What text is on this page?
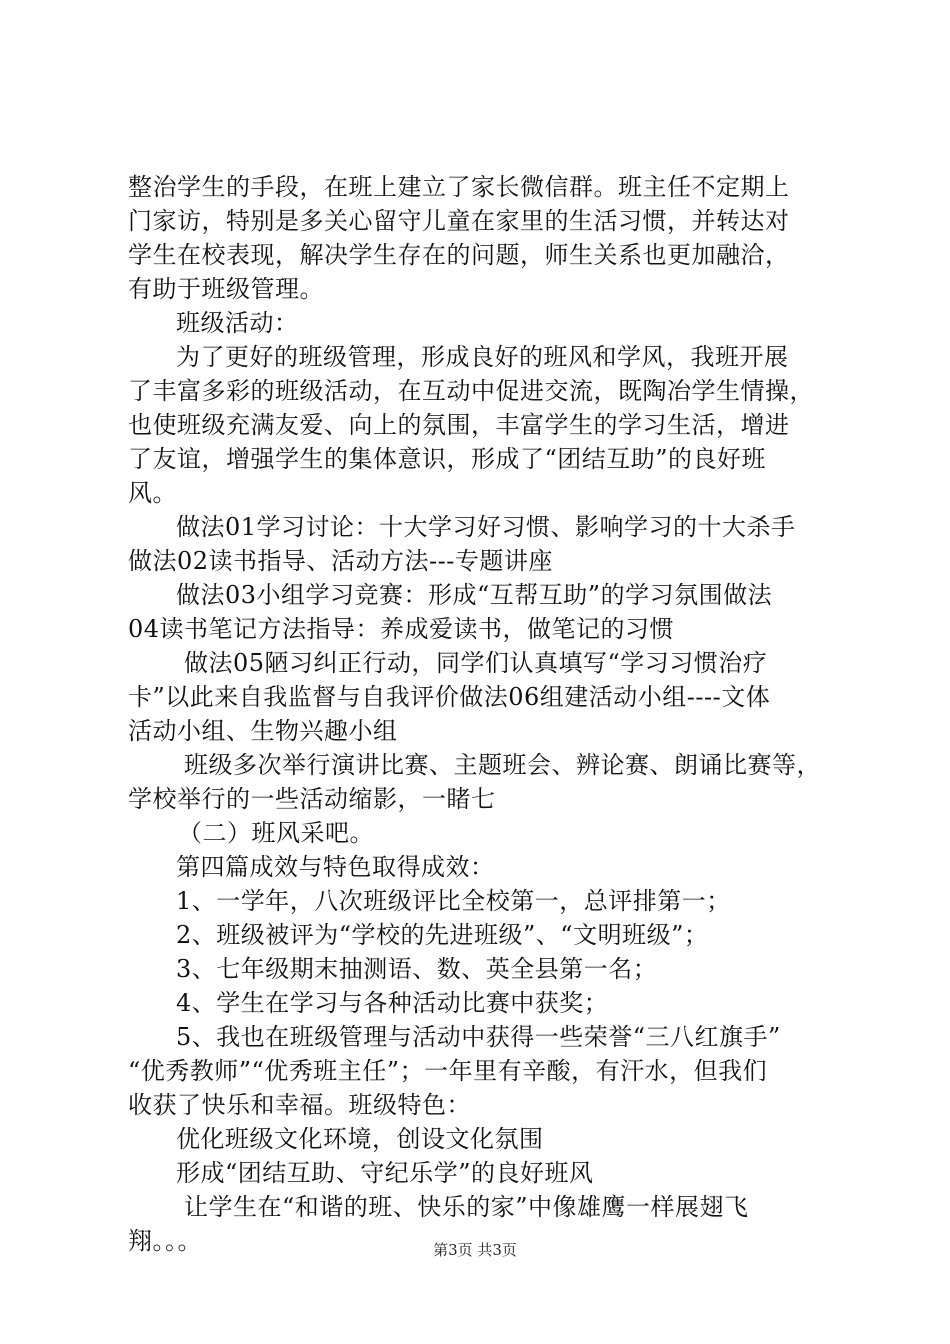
整治学生的手段，在班上建立了家长微信群。班主任不定期上
门家访，特别是多关心留守儿童在家里的生活习惯，并转达对
学生在校表现，解决学生存在的问题，师生关系也更加融洽，
有助于班级管理。
班级活动：
为了更好的班级管理，形成良好的班风和学风，我班开展
了丰富多彩的班级活动，在互动中促进交流，既陶冶学生情操，
也使班级充满友爱、向上的氛围，丰富学生的学习生活，增进
了友谊，增强学生的集体意识，形成了“团结互助”的良好班
风。
做法01学习讨论：十大学习好习惯、影响学习的十大杀手
做法02读书指导、活动方法---专题讲座
做法03小组学习竞赛：形成“互帮互助”的学习氛围做法
04读书笔记方法指导：养成爱读书，做笔记的习惯
做法05陋习纠正行动，同学们认真填写“学习习惯治疗
卡”以此来自我监督与自我评价做法06组建活动小组----文体
活动小组、生物兴趣小组
班级多次举行演讲比赛、主题班会、辨论赛、朗诵比赛等，
学校举行的一些活动缩影，一睹七
（二）班风采吧。
第四篇成效与特色取得成效：
1、一学年，八次班级评比全校第一，总评排第一；
2、班级被评为“学校的先进班级”、“文明班级”；
3、七年级期末抽测语、数、英全县第一名；
4、学生在学习与各种活动比赛中获奖；
5、我也在班级管理与活动中获得一些荣誉“三八红旗手”
“优秀教师”“优秀班主任”；一年里有辛酸，有汗水，但我们
收获了快乐和幸福。班级特色：
优化班级文化环境，创设文化氛围
形成“团结互助、守纪乐学”的良好班风
让学生在“和谐的班、快乐的家”中像雄鹰一样展翅飞
翔。。。	第3页 共3页
